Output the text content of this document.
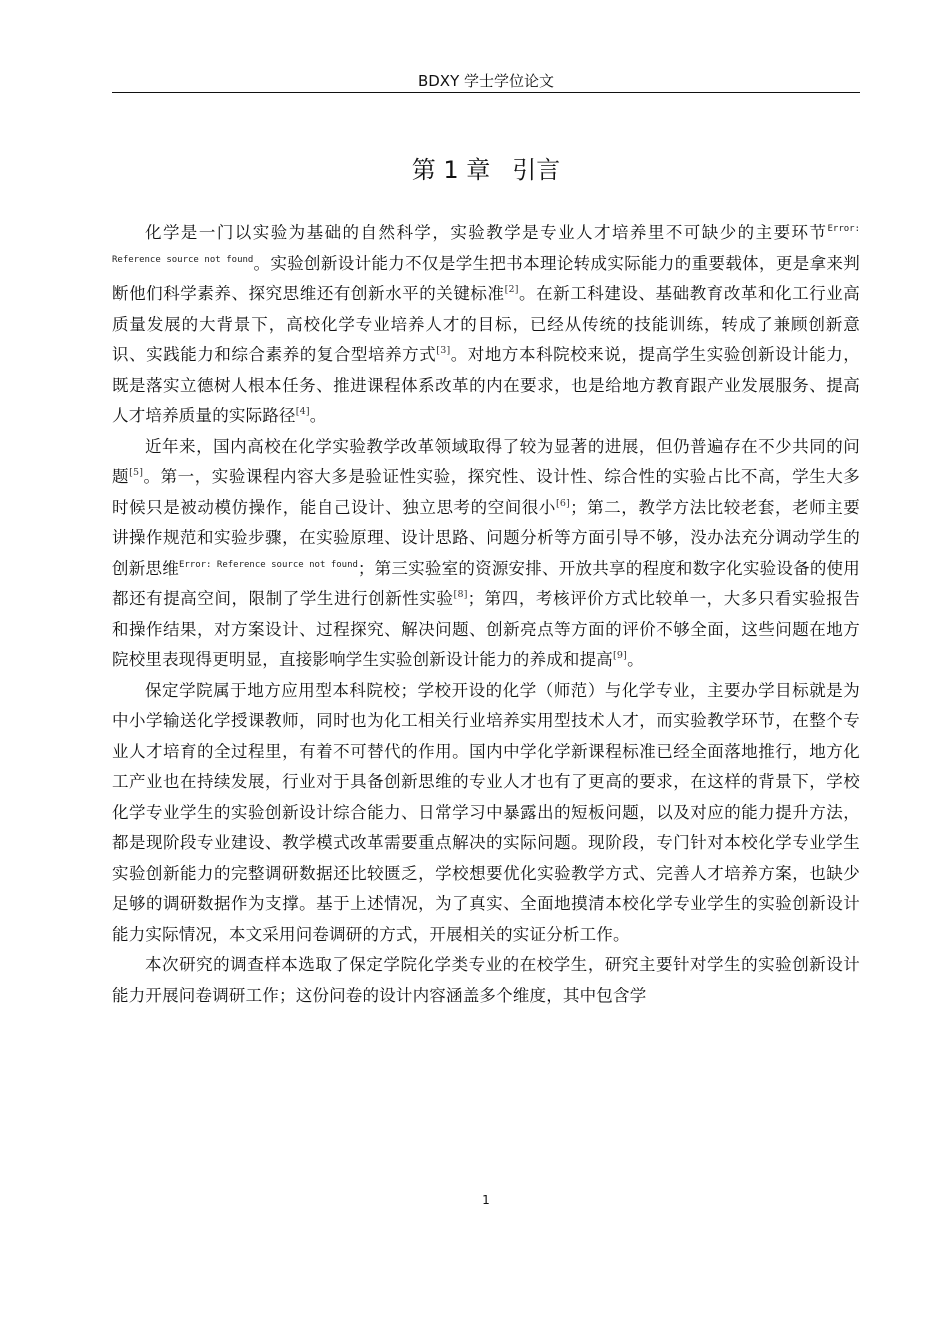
BDXY 学士学位论文
第 1 章 引言

化学是一门以实验为基础的自然科学，实验教学是专业人才培养里不可缺少的主要环节$^{Error: Reference source not found}$。实验创新设计能力不仅是学生把书本理论转成实际能力的重要载体，更是拿来判断他们科学素养、探究思维还有创新水平的关键标准[2]。在新工科建设、基础教育改革和化工行业高质量发展的大背景下，高校化学专业培养人才的目标，已经从传统的技能训练，转成了兼顾创新意识、实践能力和综合素养的复合型培养方式[3]。对地方本科院校来说，提高学生实验创新设计能力，既是落实立德树人根本任务、推进课程体系改革的内在要求，也是给地方教育跟产业发展服务、提高人才培养质量的实际路径[4]。

近年来，国内高校在化学实验教学改革领域取得了较为显著的进展，但仍普遍存在不少共同的问题[5]。第一，实验课程内容大多是验证性实验，探究性、设计性、综合性的实验占比不高，学生大多时候只是被动模仿操作，能自己设计、独立思考的空间很小[6]；第二，教学方法比较老套，老师主要讲操作规范和实验步骤，在实验原理、设计思路、问题分析等方面引导不够，没办法充分调动学生的创新思维$^{Error: Reference source not found}$；第三实验室的资源安排、开放共享的程度和数字化实验设备的使用都还有提高空间，限制了学生进行创新性实验[8]；第四，考核评价方式比较单一，大多只看实验报告和操作结果，对方案设计、过程探究、解决问题、创新亮点等方面的评价不够全面，这些问题在地方院校里表现得更明显，直接影响学生实验创新设计能力的养成和提高[9]。

保定学院属于地方应用型本科院校；学校开设的化学（师范）与化学专业，主要办学目标就是为中小学输送化学授课教师，同时也为化工相关行业培养实用型技术人才，而实验教学环节，在整个专业人才培育的全过程里，有着不可替代的作用。国内中学化学新课程标准已经全面落地推行，地方化工产业也在持续发展，行业对于具备创新思维的专业人才也有了更高的要求，在这样的背景下，学校化学专业学生的实验创新设计综合能力、日常学习中暴露出的短板问题，以及对应的能力提升方法，都是现阶段专业建设、教学模式改革需要重点解决的实际问题。现阶段，专门针对本校化学专业学生实验创新能力的完整调研数据还比较匮乏，学校想要优化实验教学方式、完善人才培养方案，也缺少足够的调研数据作为支撑。基于上述情况，为了真实、全面地摸清本校化学专业学生的实验创新设计能力实际情况，本文采用问卷调研的方式，开展相关的实证分析工作。

本次研究的调查样本选取了保定学院化学类专业的在校学生，研究主要针对学生的实验创新设计能力开展问卷调研工作；这份问卷的设计内容涵盖多个维度，其中包含学

1
